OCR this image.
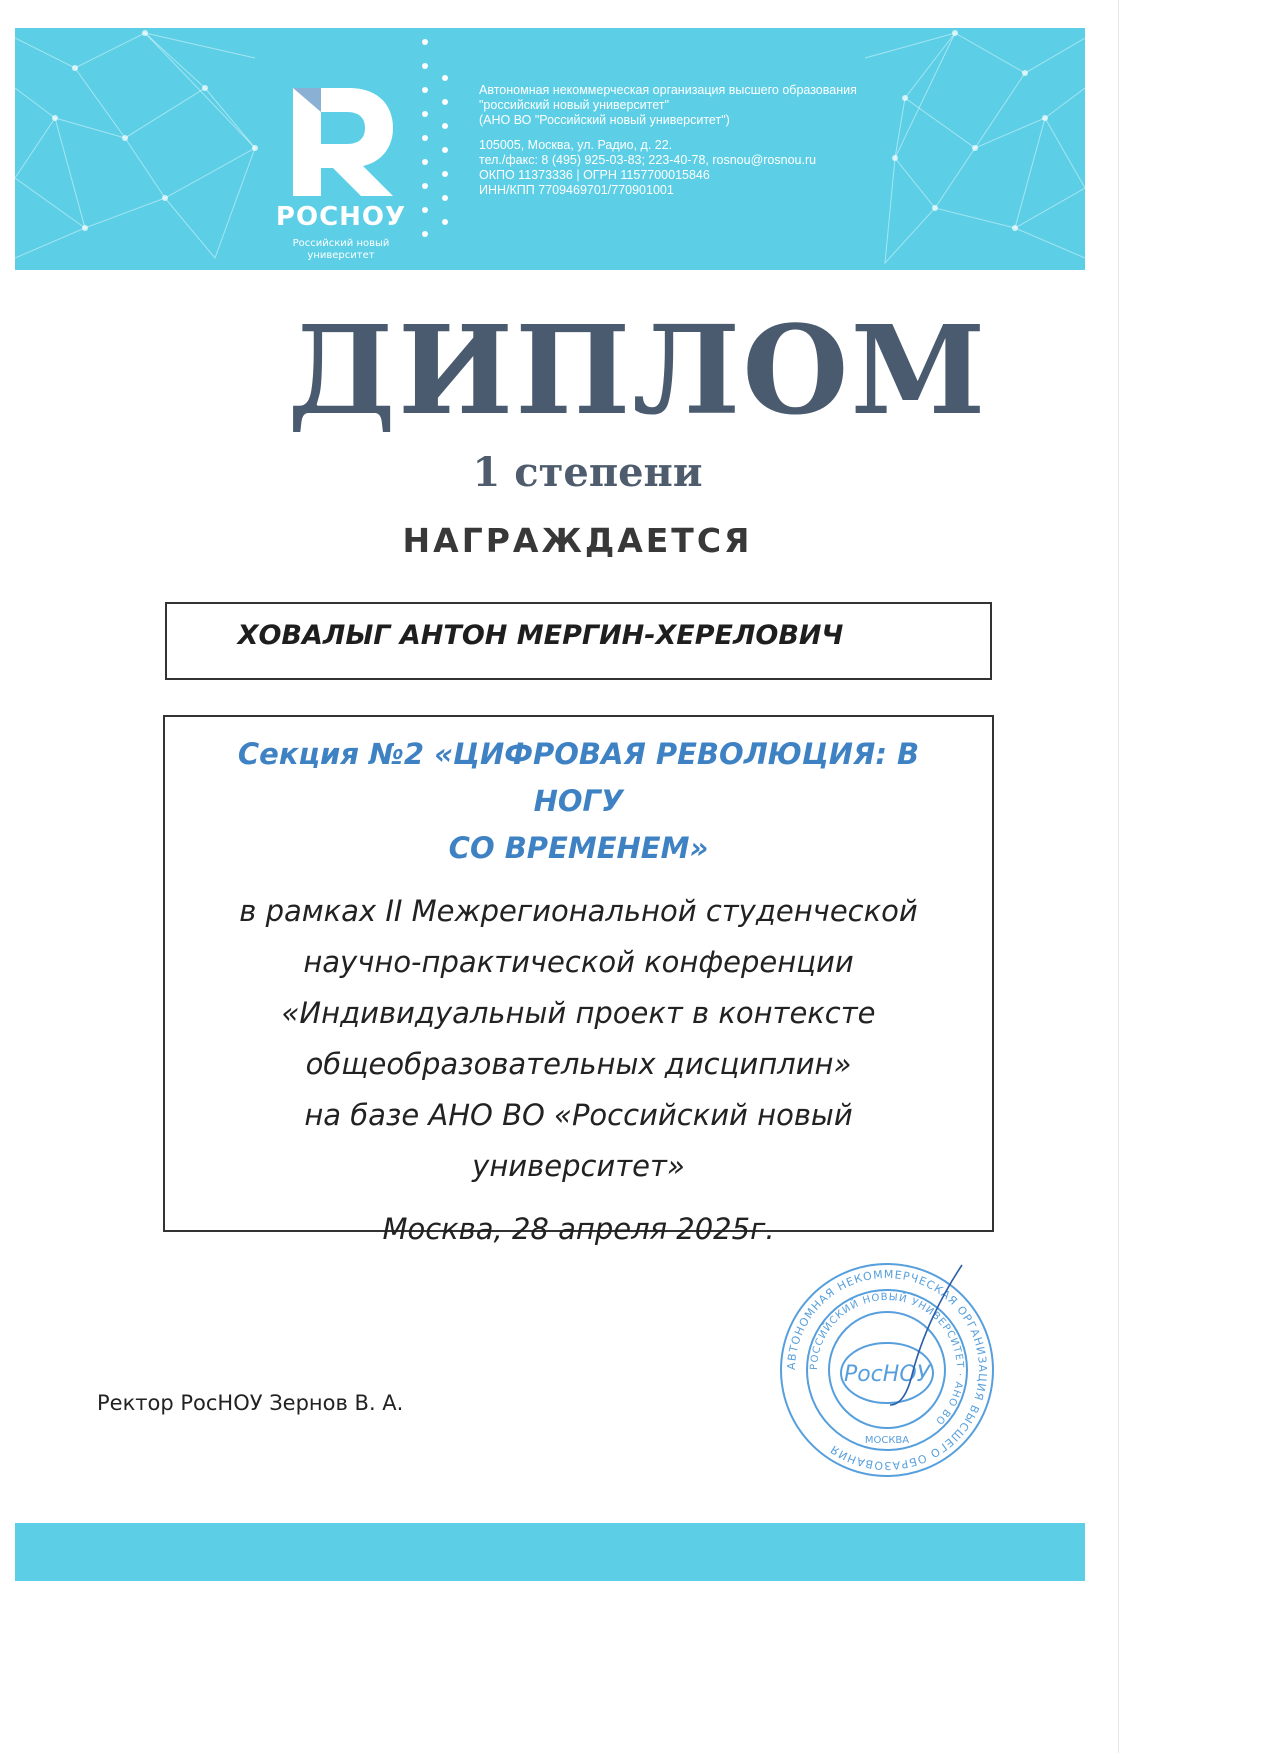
РОСНОУ
Российский новый
университет
Автономная некоммерческая организация высшего образования
"российский новый университет"
(АНО ВО "Российский новый университет")
105005, Москва, ул. Радио, д. 22.
тел./факс: 8 (495) 925-03-83; 223-40-78, rosnou@rosnou.ru
ОКПО 11373336 | ОГРН 1157700015846
ИНН/КПП 7709469701/770901001
ДИПЛОМ
1 степени
НАГРАЖДАЕТСЯ
ХОВАЛЫГ АНТОН МЕРГИН-ХЕРЕЛОВИЧ
Секция №2 «ЦИФРОВАЯ РЕВОЛЮЦИЯ: В НОГУ
СО ВРЕМЕНЕМ»
в рамках II Межрегиональной студенческой
научно-практической конференции
«Индивидуальный проект в контексте
общеобразовательных дисциплин»
на базе АНО ВО «Российский новый
университет»
Москва, 28 апреля 2025г.
Ректор РосНОУ Зернов В. А.
АВТОНОМНАЯ НЕКОММЕРЧЕСКАЯ ОРГАНИЗАЦИЯ ВЫСШЕГО ОБРАЗОВАНИЯ
РОССИЙСКИЙ НОВЫЙ УНИВЕРСИТЕТ · АНО ВО
РосНОУ
МОСКВА
